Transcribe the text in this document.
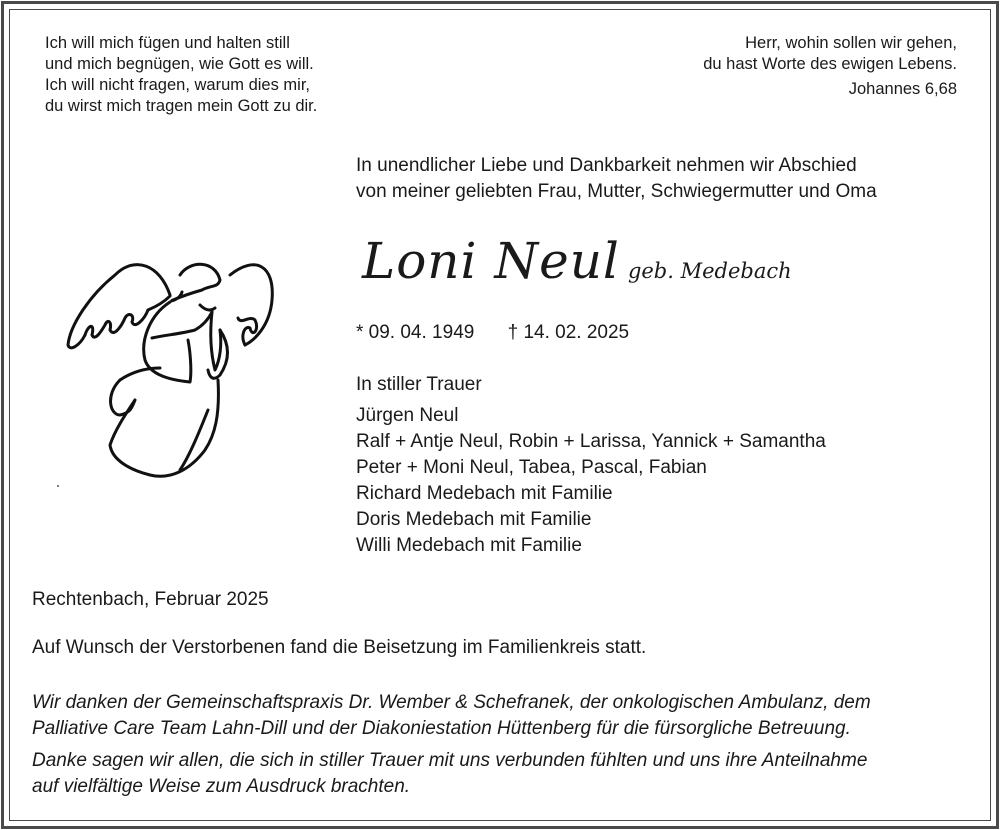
Ich will mich fügen und halten still
und mich begnügen, wie Gott es will.
Ich will nicht fragen, warum dies mir,
du wirst mich tragen mein Gott zu dir.
Herr, wohin sollen wir gehen,
du hast Worte des ewigen Lebens.
Johannes 6,68
In unendlicher Liebe und Dankbarkeit nehmen wir Abschied
von meiner geliebten Frau, Mutter, Schwiegermutter und Oma
Loni Neul geb. Medebach
* 09. 04. 1949 † 14. 02. 2025
In stiller Trauer
Jürgen Neul
Ralf + Antje Neul, Robin + Larissa, Yannick + Samantha
Peter + Moni Neul, Tabea, Pascal, Fabian
Richard Medebach mit Familie
Doris Medebach mit Familie
Willi Medebach mit Familie
Rechtenbach, Februar 2025
Auf Wunsch der Verstorbenen fand die Beisetzung im Familienkreis statt.
Wir danken der Gemeinschaftspraxis Dr. Wember & Schefranek, der onkologischen Ambulanz, dem
Palliative Care Team Lahn-Dill und der Diakoniestation Hüttenberg für die fürsorgliche Betreuung.
Danke sagen wir allen, die sich in stiller Trauer mit uns verbunden fühlten und uns ihre Anteilnahme
auf vielfältige Weise zum Ausdruck brachten.
